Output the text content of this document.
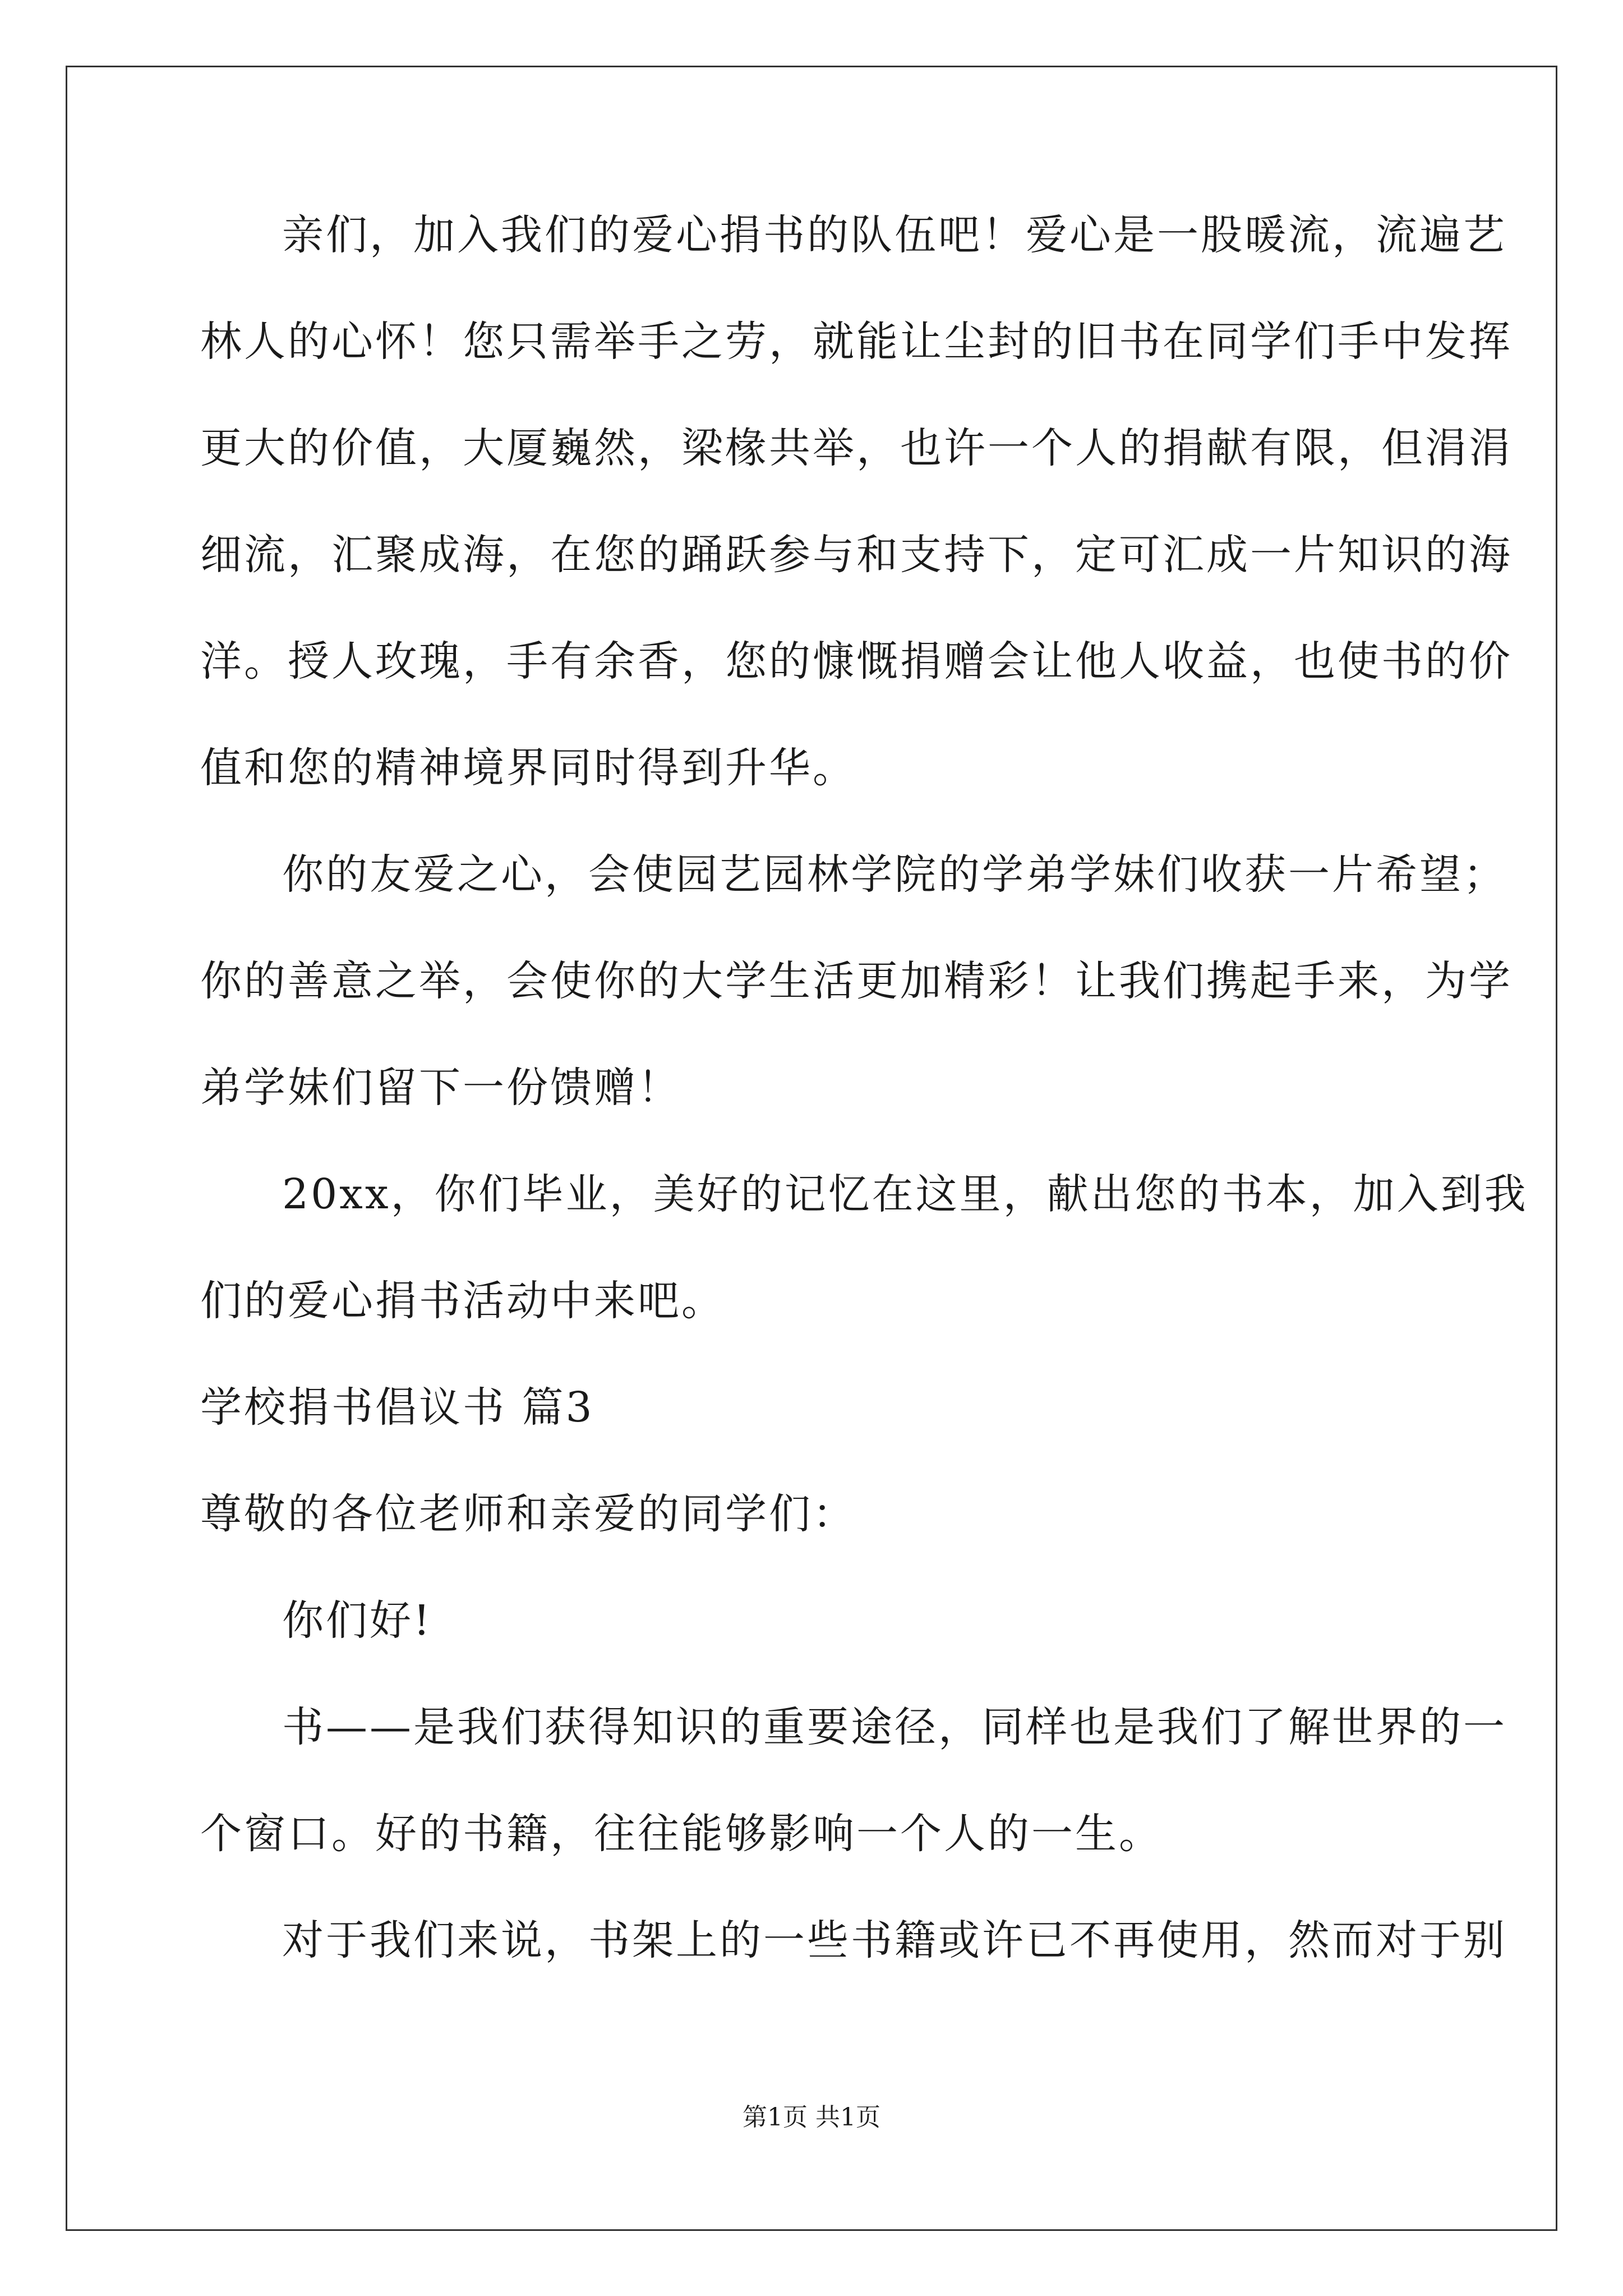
亲们，加入我们的爱心捐书的队伍吧！爱心是一股暖流，流遍艺
林人的心怀！您只需举手之劳，就能让尘封的旧书在同学们手中发挥
更大的价值，大厦巍然，梁椽共举，也许一个人的捐献有限，但涓涓
细流，汇聚成海，在您的踊跃参与和支持下，定可汇成一片知识的海
洋。授人玫瑰，手有余香，您的慷慨捐赠会让他人收益，也使书的价
值和您的精神境界同时得到升华。
你的友爱之心，会使园艺园林学院的学弟学妹们收获一片希望；
你的善意之举，会使你的大学生活更加精彩！让我们携起手来，为学
弟学妹们留下一份馈赠！
20xx，你们毕业，美好的记忆在这里，献出您的书本，加入到我
们的爱心捐书活动中来吧。
学校捐书倡议书 篇3
尊敬的各位老师和亲爱的同学们：
你们好!
书——是我们获得知识的重要途径，同样也是我们了解世界的一
个窗口。好的书籍，往往能够影响一个人的一生。
对于我们来说，书架上的一些书籍或许已不再使用，然而对于别
第1页 共1页
